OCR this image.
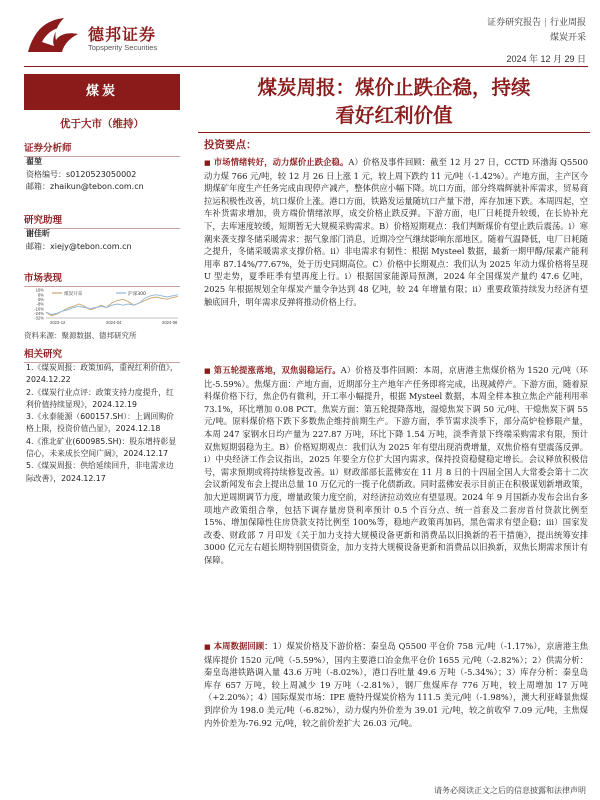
德邦证券
Topsperity Securities
证券研究报告 | 行业周报
煤炭开采
2024 年 12 月 29 日
煤炭
优于大市（维持）
证券分析师
翟堃
资格编号：s0120523050002
邮箱：zhaikun@tebon.com.cn
研究助理
谢佳昕
邮箱：xiejy@tebon.com.cn
市场表现
16%
8%
0%
-8%
-16%
-24%
-32%
煤炭开采	沪深300
2023-12	2024-04	2024-08
资料来源：聚源数据、德邦研究所
相关研究
1.《煤炭周报：政策加码，重视红利价值》，2024.12.22
2.《煤炭行业点评：政策支持力度提升，红利价值持续显现》，2024.12.19
3.《永泰能源（600157.SH）：上调回购价格上限，投资价值凸显》，2024.12.18
4.《淮北矿业(600985.SH)：股东增持彰显信心，未来成长空间广阔》，2024.12.17
5.《煤炭周报：供给延续回升，非电需求边际改善》，2024.12.17
煤炭周报：煤价止跌企稳，持续
看好红利价值
投资要点：
■ 市场情绪转好，动力煤价止跌企稳。A）价格及事件回顾：截至 12 月 27 日，CCTD 环渤海 Q5500 动力煤 766 元/吨，较 12 月 26 日上涨 1 元，较上周下跌约 11 元/吨（-1.42%）。产地方面，主产区今期煤矿年度生产任务完成由现停产减产，整体供应小幅下降。坑口方面，部分终端辉就补库需求，贸易商拉运积极性改善，坑口煤价上涨。港口方面，铁路发运量随坑口产量下滑，库存加速下跌。本周四起，空车补货需求增加，贵方端价情绪浓厚，成交价格止跌反弹。下游方面，电厂日耗提升较缓，在长协补充下，去库速度较缓，短期暂无大规模采购需求。B）价格短期观点：我们判断煤价有望止跌后震荡。i）寒潮来袭支撑冬储采暖需求：据气象部门消息，近期冷空气继续影响东部地区。随着气温降低，电厂日耗随之提升，冬储采暖需求支撑价格。ii）非电需求有韧性：根据 Mysteel 数据，最新一期甲醇/尿素产能利用率 87.14%/77.67%，处于历史同期高位。C）价格中长期观点：我们认为 2025 年动力煤价格将呈现 U 型走势，夏季旺季有望再度上行。i）根据国家能源局预测，2024 年全国煤炭产量约 47.6 亿吨，2025 年根据规划全年煤炭产量令争达到 48 亿吨，较 24 年增量有限；ii）重要政策持续发力经济有望触底回升，明年需求反弹将推动价格上行。
■ 第五轮提涨落地，双焦弱稳运行。A）价格及事件回顾：本周，京唐港主焦煤价格为 1520 元/吨（环比-5.59%）。焦煤方面：产地方面，近期部分主产地年产任务即将完成，出现减停产。下游方面，随着原料煤价格下行，焦企仍有微利，开工率小幅提升，根据 Mysteel 数据，本周全样本独立焦企产能利用率 73.1%，环比增加 0.08 PCT。焦炭方面：第五轮提降落地，湿熄焦炭下调 50 元/吨、干熄焦炭下调 55 元/吨。原料煤价格下跌下多数焦企维持前期生产。下游方面，季节需求淡季下，部分高炉检修限产量，本周 247 家钢水日均产量为 227.87 万吨，环比下降 1.54 万吨，淡季背景下终端采购需求有限，预计双焦短期弱稳为主。B）价格短期观点：我们认为 2025 年有望出现消费增量，双焦价格有望震荡反弹。i）中央经济工作会议指出，2025 年要全方位扩大国内需求，保持投资稳健稳定增长。会议释放积极信号，需求预期或将持续修复改善。ii）财政部部长蓝佛安在 11 月 8 日的十四届全国人大常委会第十二次会议新闻发布会上提出总量 10 万亿元的一揽子化债新政。同时蓝佛安表示目前正在积极谋划新增政策，加大逆周期调节力度，增量政策力度空前，对经济拉动效应有望显现。2024 年 9 月国新办发布会出台多项地产政策组合拳，包括下调存量房贷利率预计 0.5 个百分点、统一首套及二套房首付贷款比例至 15%、增加保障性住房贷款支持比例至 100%等，稳地产政策再加码，黑色需求有望企稳；iii）国家发改委、财政部 7 月印发《关于加力支持大规模设备更新和消费品以旧换新的若干措施》，提出统筹安排 3000 亿元左右超长期特别国债资金，加力支持大规模设备更新和消费品以旧换新，双焦长期需求预计有保障。
■ 本周数据回顾：1）煤炭价格及下游价格：秦皇岛 Q5500 平仓价 758 元/吨（-1.17%），京唐港主焦煤库提价 1520 元/吨（-5.59%），国内主要港口冶金焦平仓价 1655 元/吨（-2.82%）；2）供需分析：秦皇岛港铁路调入量 43.6 万吨（-8.02%），港口吞吐量 49.6 万吨（-5.34%）；3）库存分析：秦皇岛库存 657 万吨，较上周减少 19 万吨（-2.81%），钢厂焦煤库存 776 万吨，较上周增加 17 万吨（+2.20%）；4）国际煤炭市场：IPE 鹿特丹煤炭价格为 111.5 美元/吨（-1.98%），澳大利亚峰景焦煤到岸价为 198.0 美元/吨（-6.82%），动力煤内外价差为 39.01 元/吨，较之前收窄 7.09 元/吨，主焦煤内外价差为-76.92 元/吨，较之前价差扩大 26.03 元/吨。
请务必阅读正文之后的信息披露和法律声明
